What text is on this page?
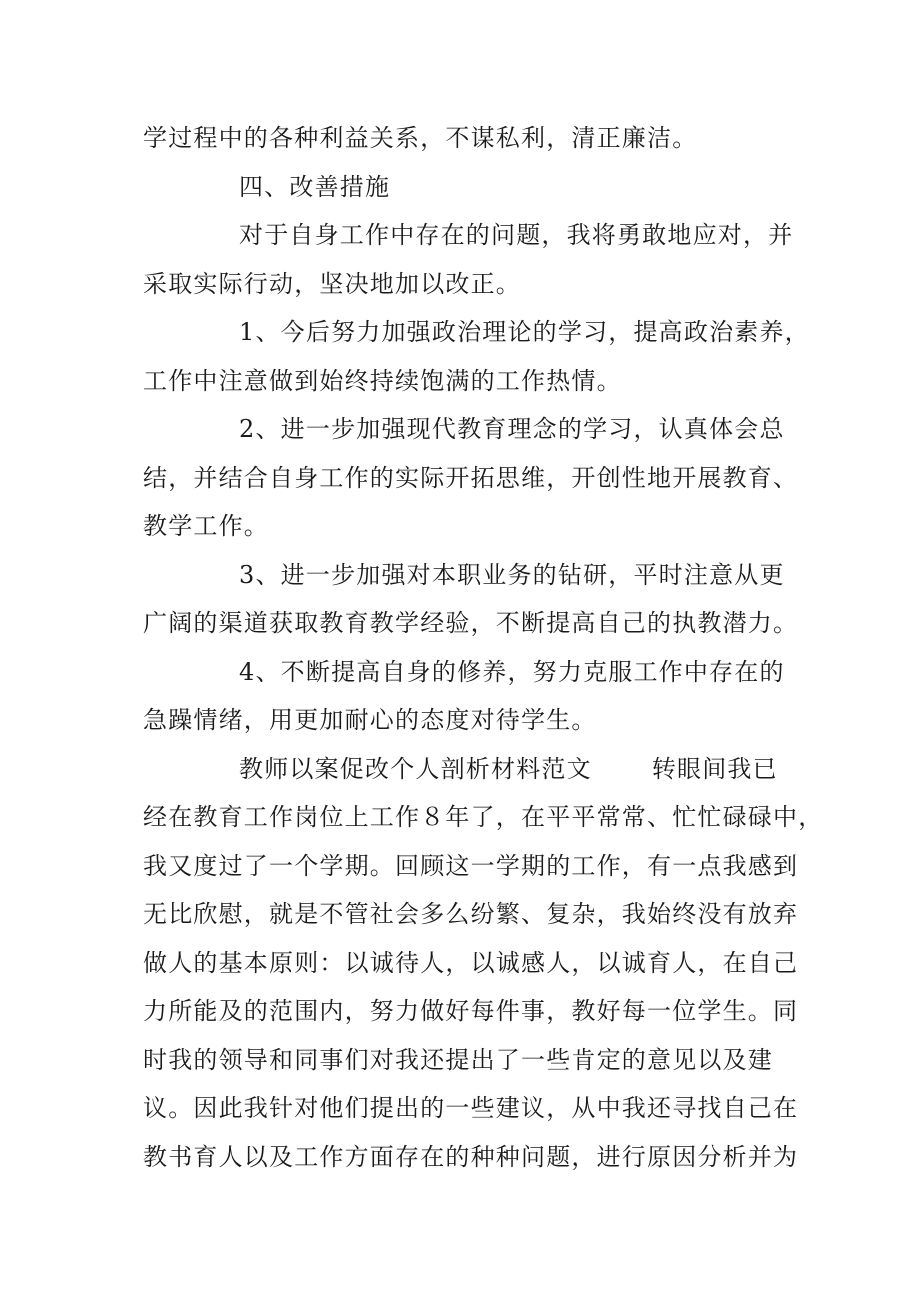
学过程中的各种利益关系，不谋私利，清正廉洁。
四、改善措施
对于自身工作中存在的问题，我将勇敢地应对，并
采取实际行动，坚决地加以改正。
1、今后努力加强政治理论的学习，提高政治素养，
工作中注意做到始终持续饱满的工作热情。
2、进一步加强现代教育理念的学习，认真体会总
结，并结合自身工作的实际开拓思维，开创性地开展教育、
教学工作。
3、进一步加强对本职业务的钻研，平时注意从更
广阔的渠道获取教育教学经验，不断提高自己的执教潜力。
4、不断提高自身的修养，努力克服工作中存在的
急躁情绪，用更加耐心的态度对待学生。
教师以案促改个人剖析材料范文	转眼间我已
经在教育工作岗位上工作８年了，在平平常常、忙忙碌碌中，
我又度过了一个学期。回顾这一学期的工作，有一点我感到
无比欣慰，就是不管社会多么纷繁、复杂，我始终没有放弃
做人的基本原则：以诚待人，以诚感人，以诚育人，在自己
力所能及的范围内，努力做好每件事，教好每一位学生。同
时我的领导和同事们对我还提出了一些肯定的意见以及建
议。因此我针对他们提出的一些建议，从中我还寻找自己在
教书育人以及工作方面存在的种种问题，进行原因分析并为
